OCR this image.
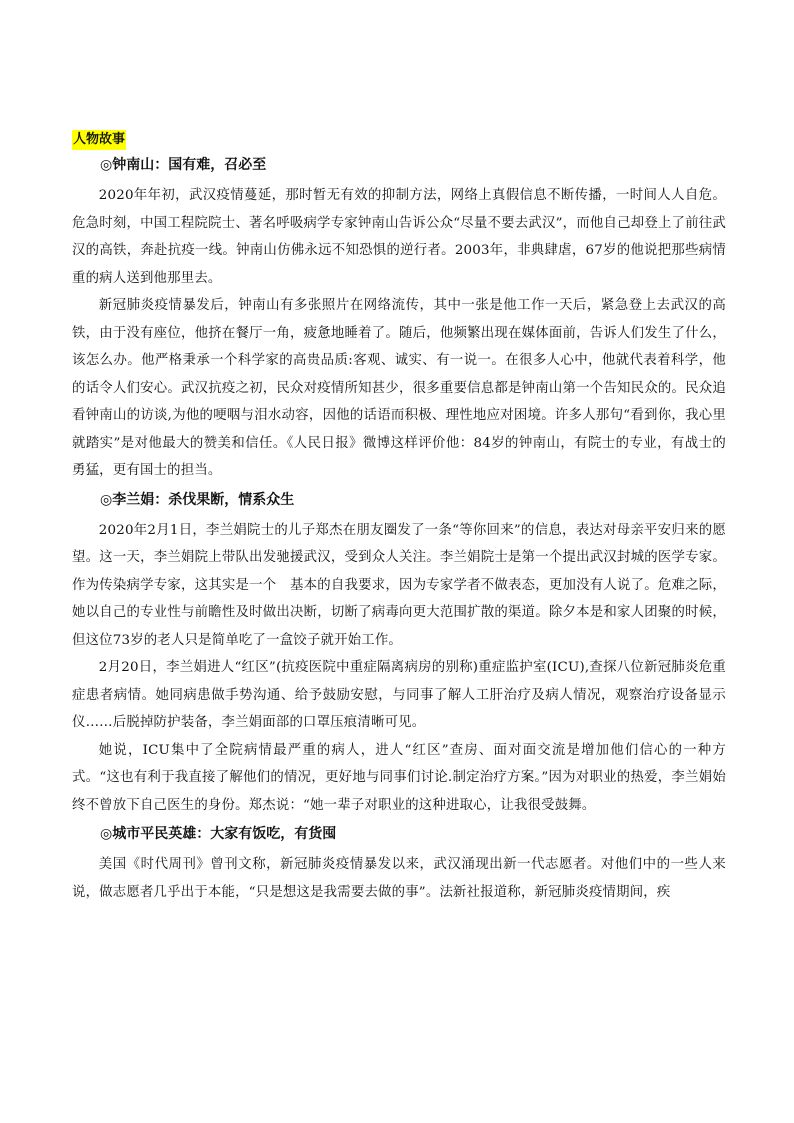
人物故事
◎钟南山：国有难，召必至

2020年年初，武汉疫情蔓延，那时暂无有效的抑制方法，网络上真假信息不断传播，一时间人人自危。危急时刻，中国工程院院士、著名呼吸病学专家钟南山告诉公众“尽量不要去武汉”，而他自己却登上了前往武汉的高铁，奔赴抗疫一线。钟南山仿佛永远不知恐惧的逆行者。2003年，非典肆虐，67岁的他说把那些病情重的病人送到他那里去。

新冠肺炎疫情暴发后，钟南山有多张照片在网络流传，其中一张是他工作一天后，紧急登上去武汉的高铁，由于没有座位，他挤在餐厅一角，疲惫地睡着了。随后，他频繁出现在媒体面前，告诉人们发生了什么，该怎么办。他严格秉承一个科学家的高贵品质:客观、诚实、有一说一。在很多人心中，他就代表着科学，他的话令人们安心。武汉抗疫之初，民众对疫情所知甚少，很多重要信息都是钟南山第一个告知民众的。民众追看钟南山的访谈,为他的哽咽与泪水动容，因他的话语而积极、理性地应对困境。许多人那句“看到你，我心里就踏实”是对他最大的赞美和信任。《人民日报》微博这样评价他：84岁的钟南山，有院士的专业，有战士的勇猛，更有国士的担当。

◎李兰娟：杀伐果断，情系众生

2020年2月1日，李兰娟院士的儿子郑杰在朋友圈发了一条“等你回来”的信息，表达对母亲平安归来的愿望。这一天，李兰娟院上带队出发驰援武汉，受到众人关注。李兰娟院士是第一个提出武汉封城的医学专家。作为传染病学专家，这其实是一个　基本的自我要求，因为专家学者不做表态，更加没有人说了。危难之际，她以自己的专业性与前瞻性及时做出决断，切断了病毒向更大范围扩散的渠道。除夕本是和家人团聚的时候，但这位73岁的老人只是简单吃了一盒饺子就开始工作。

2月20日，李兰娟进人“红区”(抗疫医院中重症隔离病房的别称)重症监护室(ICU),查探八位新冠肺炎危重症患者病情。她同病患做手势沟通、给予鼓励安慰，与同事了解人工肝治疗及病人情况，观察治疗设备显示仪……后脱掉防护装备，李兰娟面部的口罩压痕清晰可见。

她说，ICU集中了全院病情最严重的病人，进人“红区”查房、面对面交流是增加他们信心的一种方式。“这也有利于我直接了解他们的情况，更好地与同事们讨论.制定治疗方案。”因为对职业的热爱，李兰娟始终不曾放下自己医生的身份。郑杰说：“她一辈子对职业的这种进取心，让我很受鼓舞。

◎城市平民英雄：大家有饭吃，有货囤

美国《时代周刊》曾刊文称，新冠肺炎疫情暴发以来，武汉涌现出新一代志愿者。对他们中的一些人来说，做志愿者几乎出于本能，“只是想这是我需要去做的事”。法新社报道称，新冠肺炎疫情期间，疾
